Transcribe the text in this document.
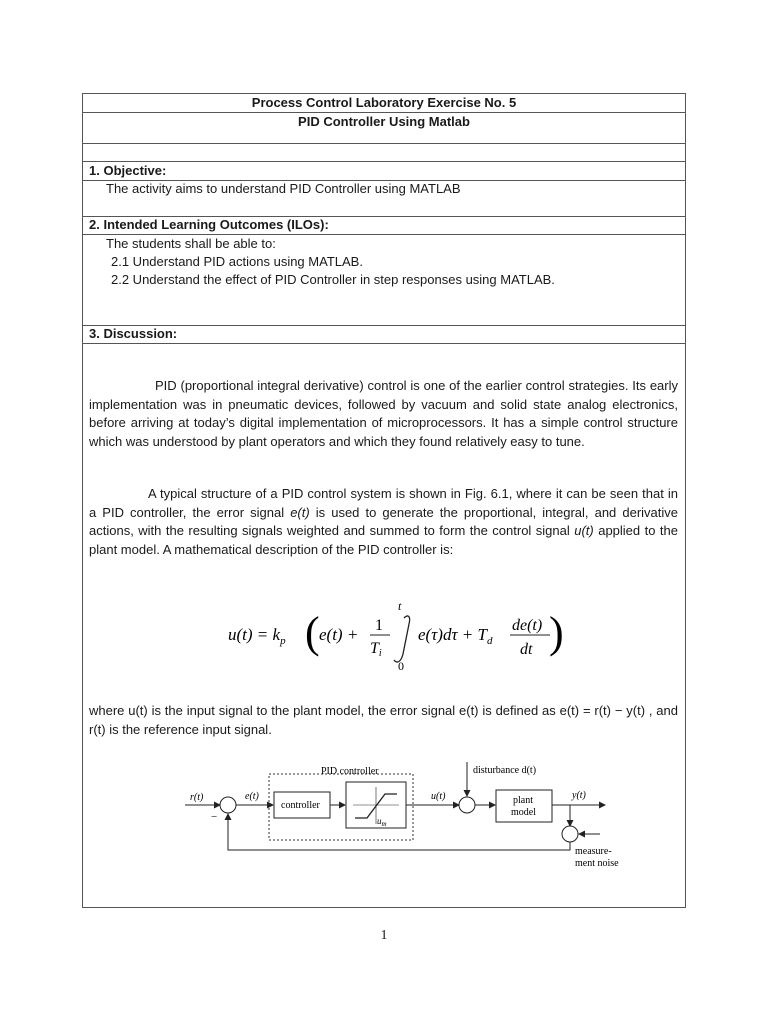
Process Control Laboratory Exercise No. 5
PID Controller Using Matlab
1. Objective:
The activity aims to understand PID Controller using MATLAB
2. Intended Learning Outcomes (ILOs):
The students shall be able to:
2.1 Understand PID actions using MATLAB.
2.2 Understand the effect of PID Controller in step responses using MATLAB.
3. Discussion:
PID (proportional integral derivative) control is one of the earlier control strategies. Its early implementation was in pneumatic devices, followed by vacuum and solid state analog electronics, before arriving at today’s digital implementation of microprocessors. It has a simple control structure which was understood by plant operators and which they found relatively easy to tune.
A typical structure of a PID control system is shown in Fig. 6.1, where it can be seen that in a PID controller, the error signal e(t) is used to generate the proportional, integral, and derivative actions, with the resulting signals weighted and summed to form the control signal u(t) applied to the plant model. A mathematical description of the PID controller is:
$u(t) = k_p$ ( e(t) + 1
Ti
t
0
$e(\tau)d\tau + T_d$
de(t)
dt )
where u(t) is the input signal to the plant model, the error signal e(t) is defined as e(t) = r(t) − y(t) , and r(t) is the reference input signal.
PID controller
r(t)
−
e(t)
controller
$u_m$
u(t)
disturbance d(t)
plant
model
y(t)
measure-
ment noise
1
